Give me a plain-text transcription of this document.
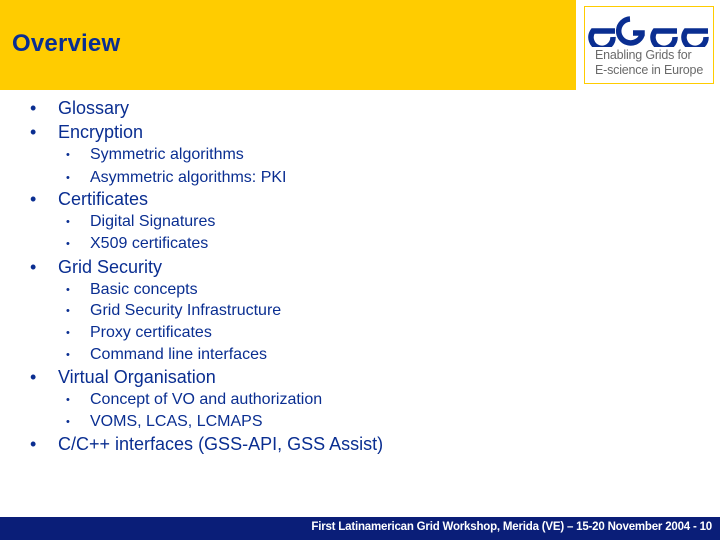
Overview	Enabling Grids for
E-science in Europe
• Glossary
• Encryption
• Symmetric algorithms
• Asymmetric algorithms: PKI
• Certificates
• Digital Signatures
• X509 certificates
• Grid Security
• Basic concepts
• Grid Security Infrastructure
• Proxy certificates
• Command line interfaces
• Virtual Organisation
• Concept of VO and authorization
• VOMS, LCAS, LCMAPS
• C/C++ interfaces (GSS-API, GSS Assist)
First Latinamerican Grid Workshop, Merida (VE) – 15-20 November 2004 - 10
